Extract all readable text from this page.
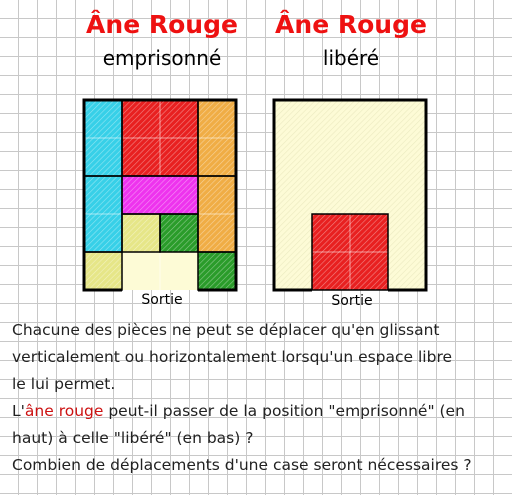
Âne Rouge
emprisonné
Sortie
Âne Rouge
libéré
Sortie
Chacune des pièces ne peut se déplacer qu'en glissant
verticalement ou horizontalement lorsqu'un espace libre
le lui permet.
L'âne rouge peut-il passer de la position "emprisonné" (en
haut) à celle "libéré" (en bas) ?
Combien de déplacements d'une case seront nécessaires ?
